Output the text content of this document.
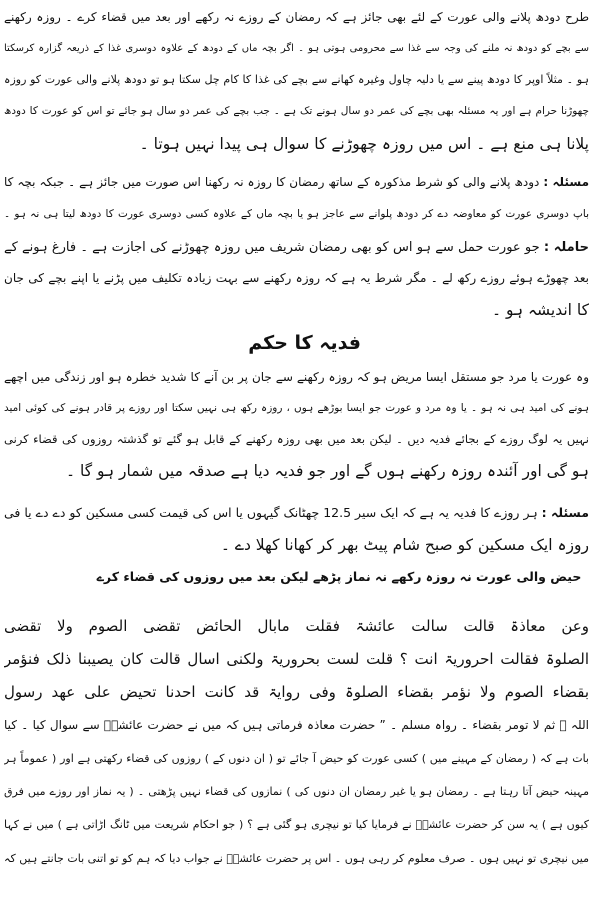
طرح دودھ پلانے والی عورت کے لئے بھی جائز ہے کہ رمضان کے روزے نہ رکھے اور بعد میں قضاء کرے ۔ روزہ رکھنے
سے بچے کو دودھ نہ ملنے کی وجہ سے غذا سے محرومی ہوتی ہو ۔ اگر بچہ ماں کے دودھ کے علاوہ دوسری غذا کے ذریعہ گزارہ کرسکتا
ہو ۔ مثلاً اوپر کا دودھ پینے سے یا دلیہ چاول وغیرہ کھانے سے بچے کی غذا کا کام چل سکتا ہو تو دودھ پلانے والی عورت کو روزہ
چھوڑنا حرام ہے اور یہ مسئلہ بھی بچے کی عمر دو سال ہونے تک ہے ۔ جب بچے کی عمر دو سال ہو جائے تو اس کو عورت کا دودھ
پلانا ہی منع ہے ۔ اس میں روزہ چھوڑنے کا سوال ہی پیدا نہیں ہوتا ۔
مسئلہ : دودھ پلانے والی کو شرط مذکورہ کے ساتھ رمضان کا روزہ نہ رکھنا اس صورت میں جائز ہے ۔ جبکہ بچہ کا
باپ دوسری عورت کو معاوضہ دے کر دودھ پلوانے سے عاجز ہو یا بچہ ماں کے علاوہ کسی دوسری عورت کا دودھ لیتا ہی نہ ہو ۔
حاملہ : جو عورت حمل سے ہو اس کو بھی رمضان شریف میں روزہ چھوڑنے کی اجازت ہے ۔ فارغ ہونے کے
بعد چھوڑے ہوئے روزے رکھ لے ۔ مگر شرط یہ ہے کہ روزہ رکھنے سے بہت زیادہ تکلیف میں پڑنے یا اپنے بچے کی جان
کا اندیشہ ہو ۔
فدیہ کا حکم
وہ عورت یا مرد جو مستقل ایسا مریض ہو کہ روزہ رکھنے سے جان پر بن آنے کا شدید خطرہ ہو اور زندگی میں اچھے
ہونے کی امید ہی نہ ہو ۔ یا وہ مرد و عورت جو ایسا بوڑھے ہوں ، روزہ رکھ ہی نہیں سکتا اور روزے پر قادر ہونے کی کوئی امید
نہیں یہ لوگ روزے کے بجائے فدیہ دیں ۔ لیکن بعد میں بھی روزہ رکھنے کے قابل ہو گئے تو گذشتہ روزوں کی قضاء کرنی
ہو گی اور آئندہ روزہ رکھنے ہوں گے اور جو فدیہ دیا ہے صدقہ میں شمار ہو گا ۔
مسئلہ : ہر روزے کا فدیہ یہ ہے کہ ایک سیر 12.5 چھٹانک گیہوں یا اس کی قیمت کسی مسکین کو دے دے یا فی
روزہ ایک مسکین کو صبح شام پیٹ بھر کر کھانا کھلا دے ۔
حیض والی عورت نہ روزہ رکھے نہ نماز پڑھے لیکن بعد میں روزوں کی قضاء کرے
وعن معاذۃ قالت سالت عائشۃ فقلت مابال الحائض تقضی الصوم ولا تقضی
الصلوۃ فقالت احروریۃ انت ؟ قلت لست بحروریۃ ولکنی اسال قالت کان یصیبنا ذلک فنؤمر
بقضاء الصوم ولا نؤمر بقضاء الصلوۃ وفی روایۃ قد کانت احدنا تحیض علی عھد رسول
اللہ ﷺ ثم لا تومر بقضاء ۔ رواہ مسلم ۔ ” حضرت معاذہ فرماتی ہیں کہ میں نے حضرت عائشہؓ سے سوال کیا ۔ کیا
بات ہے کہ ( رمضان کے مہینے میں ) کسی عورت کو حیض آ جائے تو ( ان دنوں کے ) روزوں کی قضاء رکھتی ہے اور ( عموماً ہر
مہینہ حیض آتا رہتا ہے ۔ رمضان ہو یا غیر رمضان ان دنوں کی ) نمازوں کی قضاء نہیں پڑھتی ۔ ( یہ نماز اور روزے میں فرق
کیوں ہے ) یہ سن کر حضرت عائشہؓ نے فرمایا کیا تو نیچری ہو گئی ہے ؟ ( جو احکام شریعت میں ٹانگ اڑاتی ہے ) میں نے کہا
میں نیچری تو نہیں ہوں ۔ صرف معلوم کر رہی ہوں ۔ اس پر حضرت عائشہؓ نے جواب دیا کہ ہم کو تو اتنی بات جانتے ہیں کہ
